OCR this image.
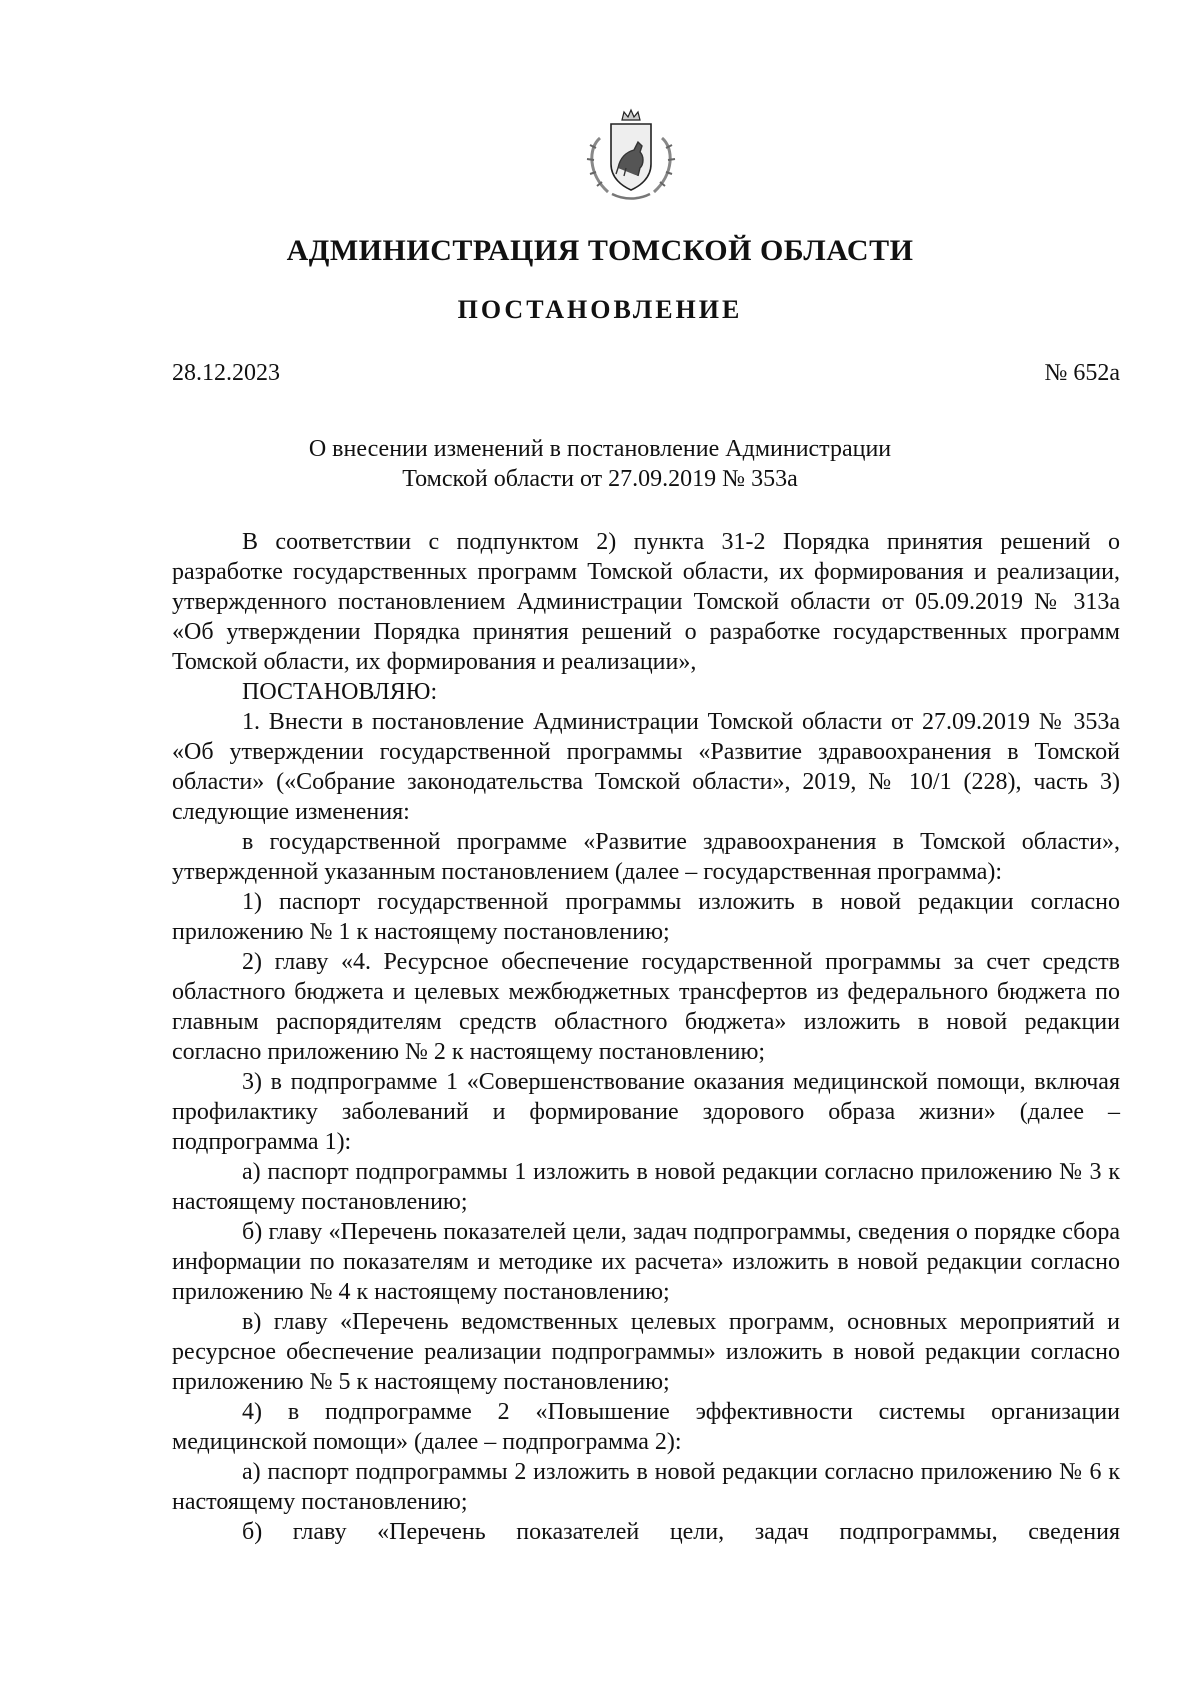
АДМИНИСТРАЦИЯ ТОМСКОЙ ОБЛАСТИ
ПОСТАНОВЛЕНИЕ
28.12.2023	№ 652а
О внесении изменений в постановление Администрации
Томской области от 27.09.2019 № 353а
В соответствии с подпунктом 2) пункта 31-2 Порядка принятия решений о разработке государственных программ Томской области, их формирования и реализации, утвержденного постановлением Администрации Томской области от 05.09.2019 № 313а «Об утверждении Порядка принятия решений о разработке государственных программ Томской области, их формирования и реализации»,
ПОСТАНОВЛЯЮ:
1. Внести в постановление Администрации Томской области от 27.09.2019 № 353а «Об утверждении государственной программы «Развитие здравоохранения в Томской области» («Собрание законодательства Томской области», 2019, № 10/1 (228), часть 3) следующие изменения:
в государственной программе «Развитие здравоохранения в Томской области», утвержденной указанным постановлением (далее – государственная программа):
1) паспорт государственной программы изложить в новой редакции согласно приложению № 1 к настоящему постановлению;
2) главу «4. Ресурсное обеспечение государственной программы за счет средств областного бюджета и целевых межбюджетных трансфертов из федерального бюджета по главным распорядителям средств областного бюджета» изложить в новой редакции согласно приложению № 2 к настоящему постановлению;
3) в подпрограмме 1 «Совершенствование оказания медицинской помощи, включая профилактику заболеваний и формирование здорового образа жизни» (далее – подпрограмма 1):
а) паспорт подпрограммы 1 изложить в новой редакции согласно приложению № 3 к настоящему постановлению;
б) главу «Перечень показателей цели, задач подпрограммы, сведения о порядке сбора информации по показателям и методике их расчета» изложить в новой редакции согласно приложению № 4 к настоящему постановлению;
в) главу «Перечень ведомственных целевых программ, основных мероприятий и ресурсное обеспечение реализации подпрограммы» изложить в новой редакции согласно приложению № 5 к настоящему постановлению;
4) в подпрограмме 2 «Повышение эффективности системы организации медицинской помощи» (далее – подпрограмма 2):
а) паспорт подпрограммы 2 изложить в новой редакции согласно приложению № 6 к настоящему постановлению;
б) главу «Перечень показателей цели, задач подпрограммы, сведения
